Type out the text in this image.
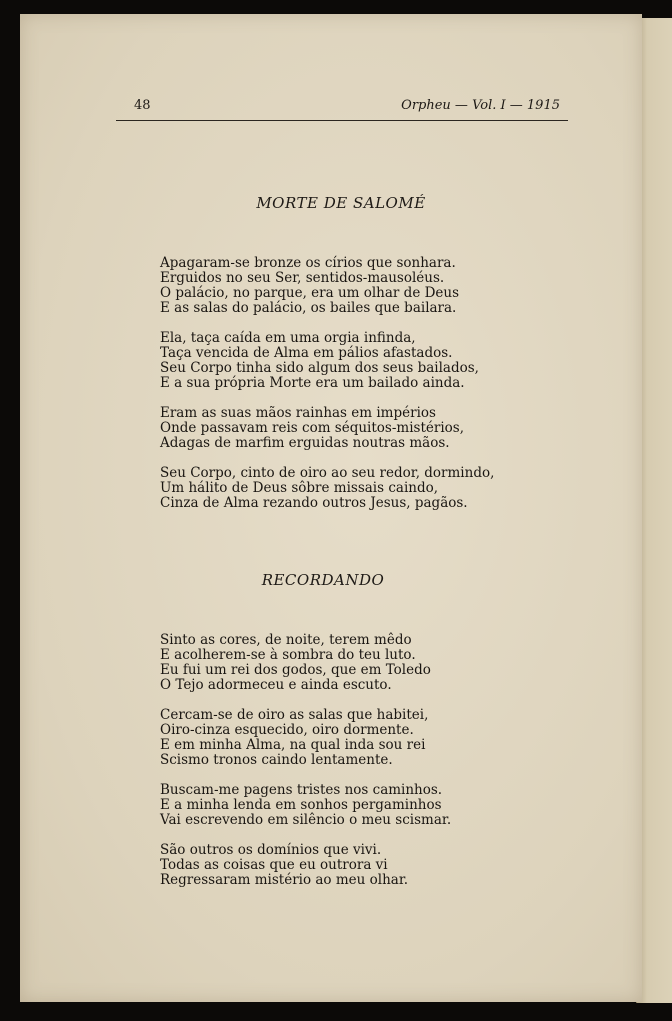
48	Orpheu — Vol. I — 1915
MORTE DE SALOMÉ
Apagaram-se bronze os círios que sonhara.
Erguidos no seu Ser, sentidos-mausoléus.
O palácio, no parque, era um olhar de Deus
E as salas do palácio, os bailes que bailara.
Ela, taça caída em uma orgia infinda,
Taça vencida de Alma em pálios afastados.
Seu Corpo tinha sido algum dos seus bailados,
E a sua própria Morte era um bailado ainda.
Eram as suas mãos rainhas em impérios
Onde passavam reis com séquitos-mistérios,
Adagas de marfim erguidas noutras mãos.
Seu Corpo, cinto de oiro ao seu redor, dormindo,
Um hálito de Deus sôbre missais caindo,
Cinza de Alma rezando outros Jesus, pagãos.
RECORDANDO
Sinto as cores, de noite, terem mêdo
E acolherem-se à sombra do teu luto.
Eu fui um rei dos godos, que em Toledo
O Tejo adormeceu e ainda escuto.
Cercam-se de oiro as salas que habitei,
Oiro-cinza esquecido, oiro dormente.
E em minha Alma, na qual inda sou rei
Scismo tronos caindo lentamente.
Buscam-me pagens tristes nos caminhos.
E a minha lenda em sonhos pergaminhos
Vai escrevendo em silêncio o meu scismar.
São outros os domínios que vivi.
Todas as coisas que eu outrora vi
Regressaram mistério ao meu olhar.
